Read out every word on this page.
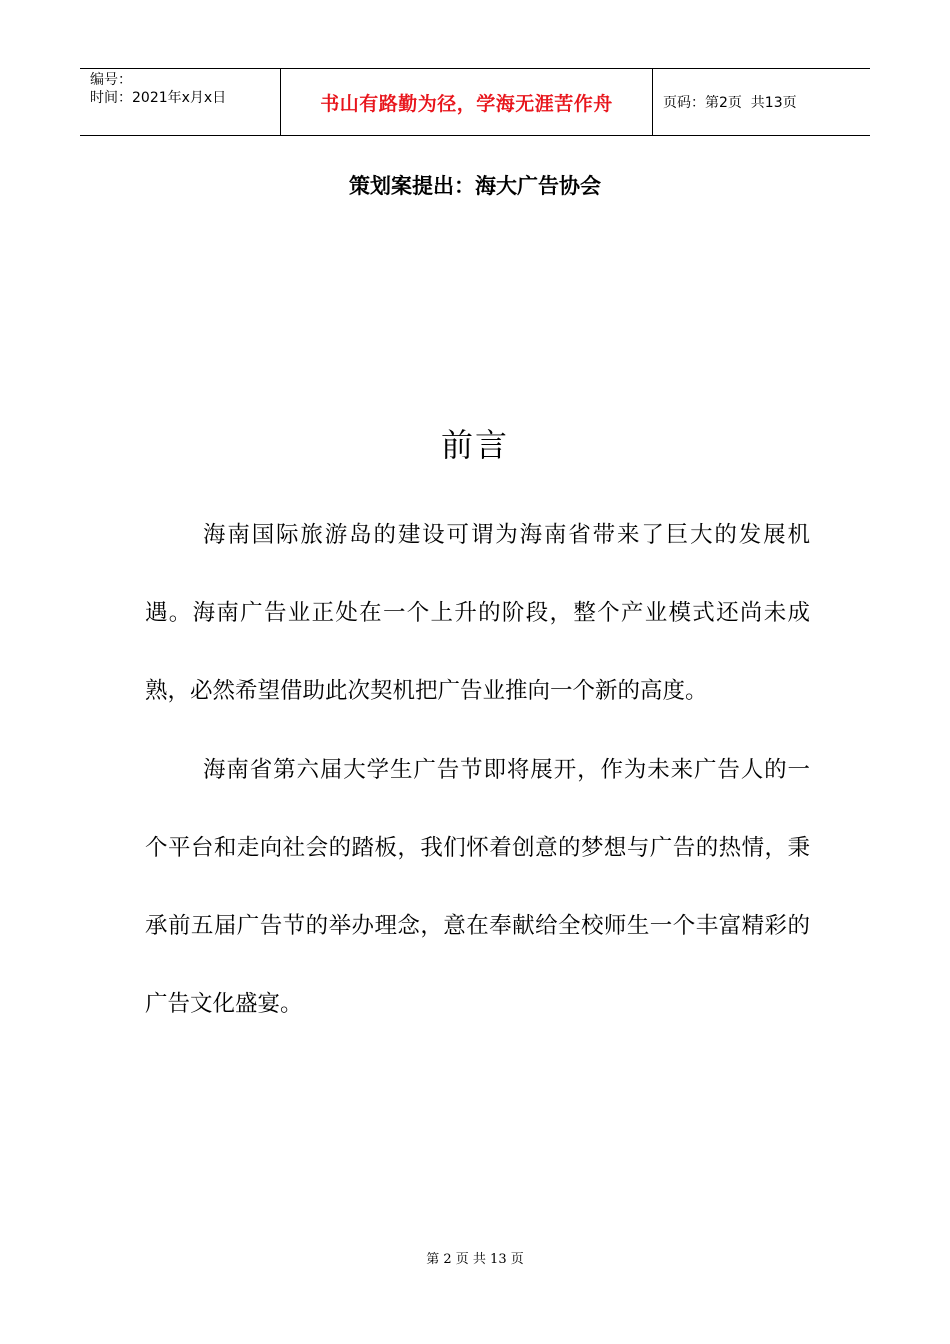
编号：
时间：2021年x月x日	书山有路勤为径，学海无涯苦作舟	页码：第2页  共13页
策划案提出：海大广告协会
前言

海南国际旅游岛的建设可谓为海南省带来了巨大的发展机遇。海南广告业正处在一个上升的阶段，整个产业模式还尚未成熟，必然希望借助此次契机把广告业推向一个新的高度。

海南省第六届大学生广告节即将展开，作为未来广告人的一个平台和走向社会的踏板，我们怀着创意的梦想与广告的热情，秉承前五届广告节的举办理念，意在奉献给全校师生一个丰富精彩的广告文化盛宴。

第 2 页 共 13 页
